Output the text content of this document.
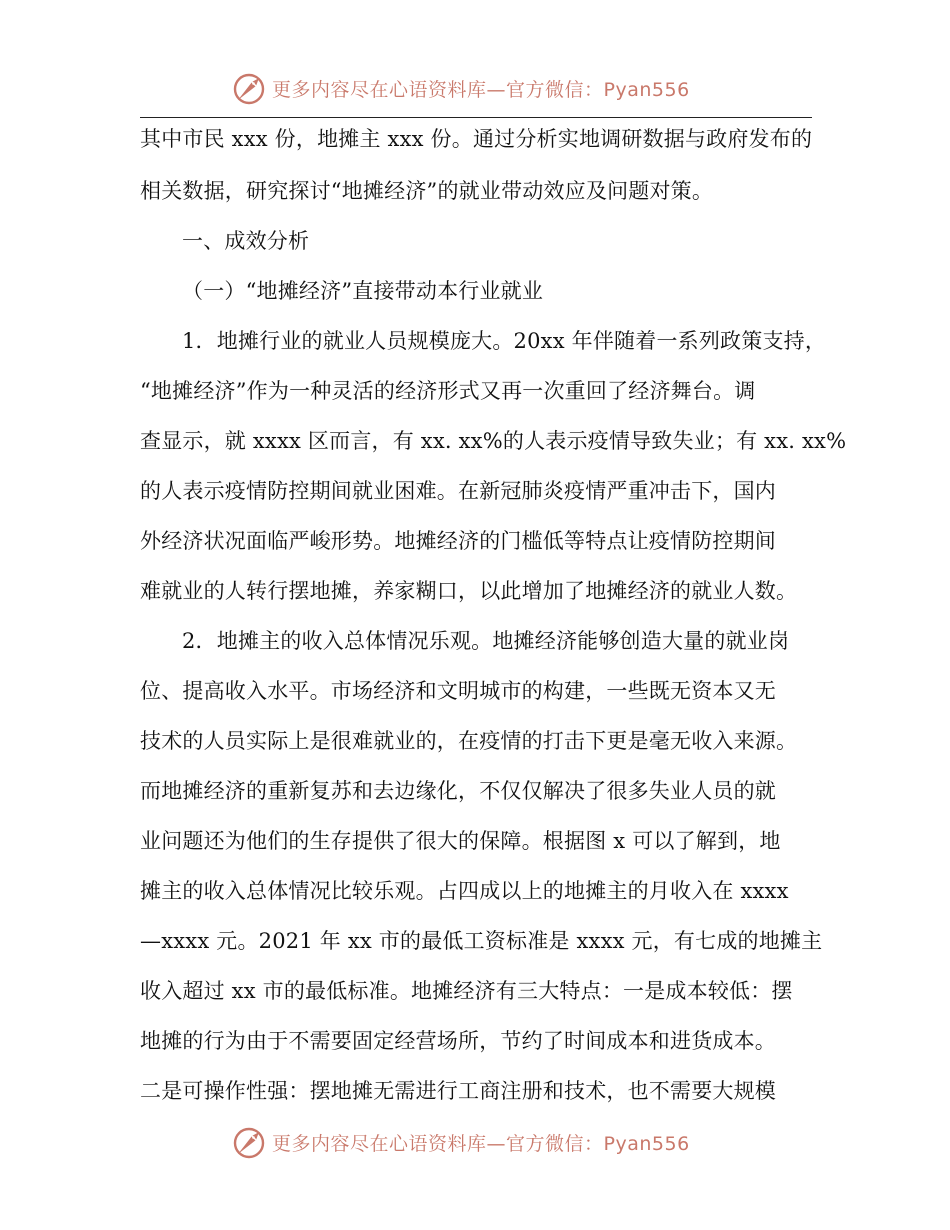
更多内容尽在心语资料库—官方微信：Pyan556
其中市民 xxx 份，地摊主 xxx 份。通过分析实地调研数据与政府发布的
相关数据，研究探讨“地摊经济”的就业带动效应及问题对策。
一、成效分析
（一）“地摊经济”直接带动本行业就业
1．地摊行业的就业人员规模庞大。20xx 年伴随着一系列政策支持，
“地摊经济”作为一种灵活的经济形式又再一次重回了经济舞台。调
查显示，就 xxxx 区而言，有 xx. xx%的人表示疫情导致失业；有 xx. xx%
的人表示疫情防控期间就业困难。在新冠肺炎疫情严重冲击下，国内
外经济状况面临严峻形势。地摊经济的门槛低等特点让疫情防控期间
难就业的人转行摆地摊，养家糊口，以此增加了地摊经济的就业人数。
2．地摊主的收入总体情况乐观。地摊经济能够创造大量的就业岗
位、提高收入水平。市场经济和文明城市的构建，一些既无资本又无
技术的人员实际上是很难就业的，在疫情的打击下更是毫无收入来源。
而地摊经济的重新复苏和去边缘化，不仅仅解决了很多失业人员的就
业问题还为他们的生存提供了很大的保障。根据图 x 可以了解到，地
摊主的收入总体情况比较乐观。占四成以上的地摊主的月收入在 xxxx
—xxxx 元。2021 年 xx 市的最低工资标准是 xxxx 元，有七成的地摊主
收入超过 xx 市的最低标准。地摊经济有三大特点：一是成本较低：摆
地摊的行为由于不需要固定经营场所，节约了时间成本和进货成本。
二是可操作性强：摆地摊无需进行工商注册和技术，也不需要大规模
更多内容尽在心语资料库—官方微信：Pyan556
